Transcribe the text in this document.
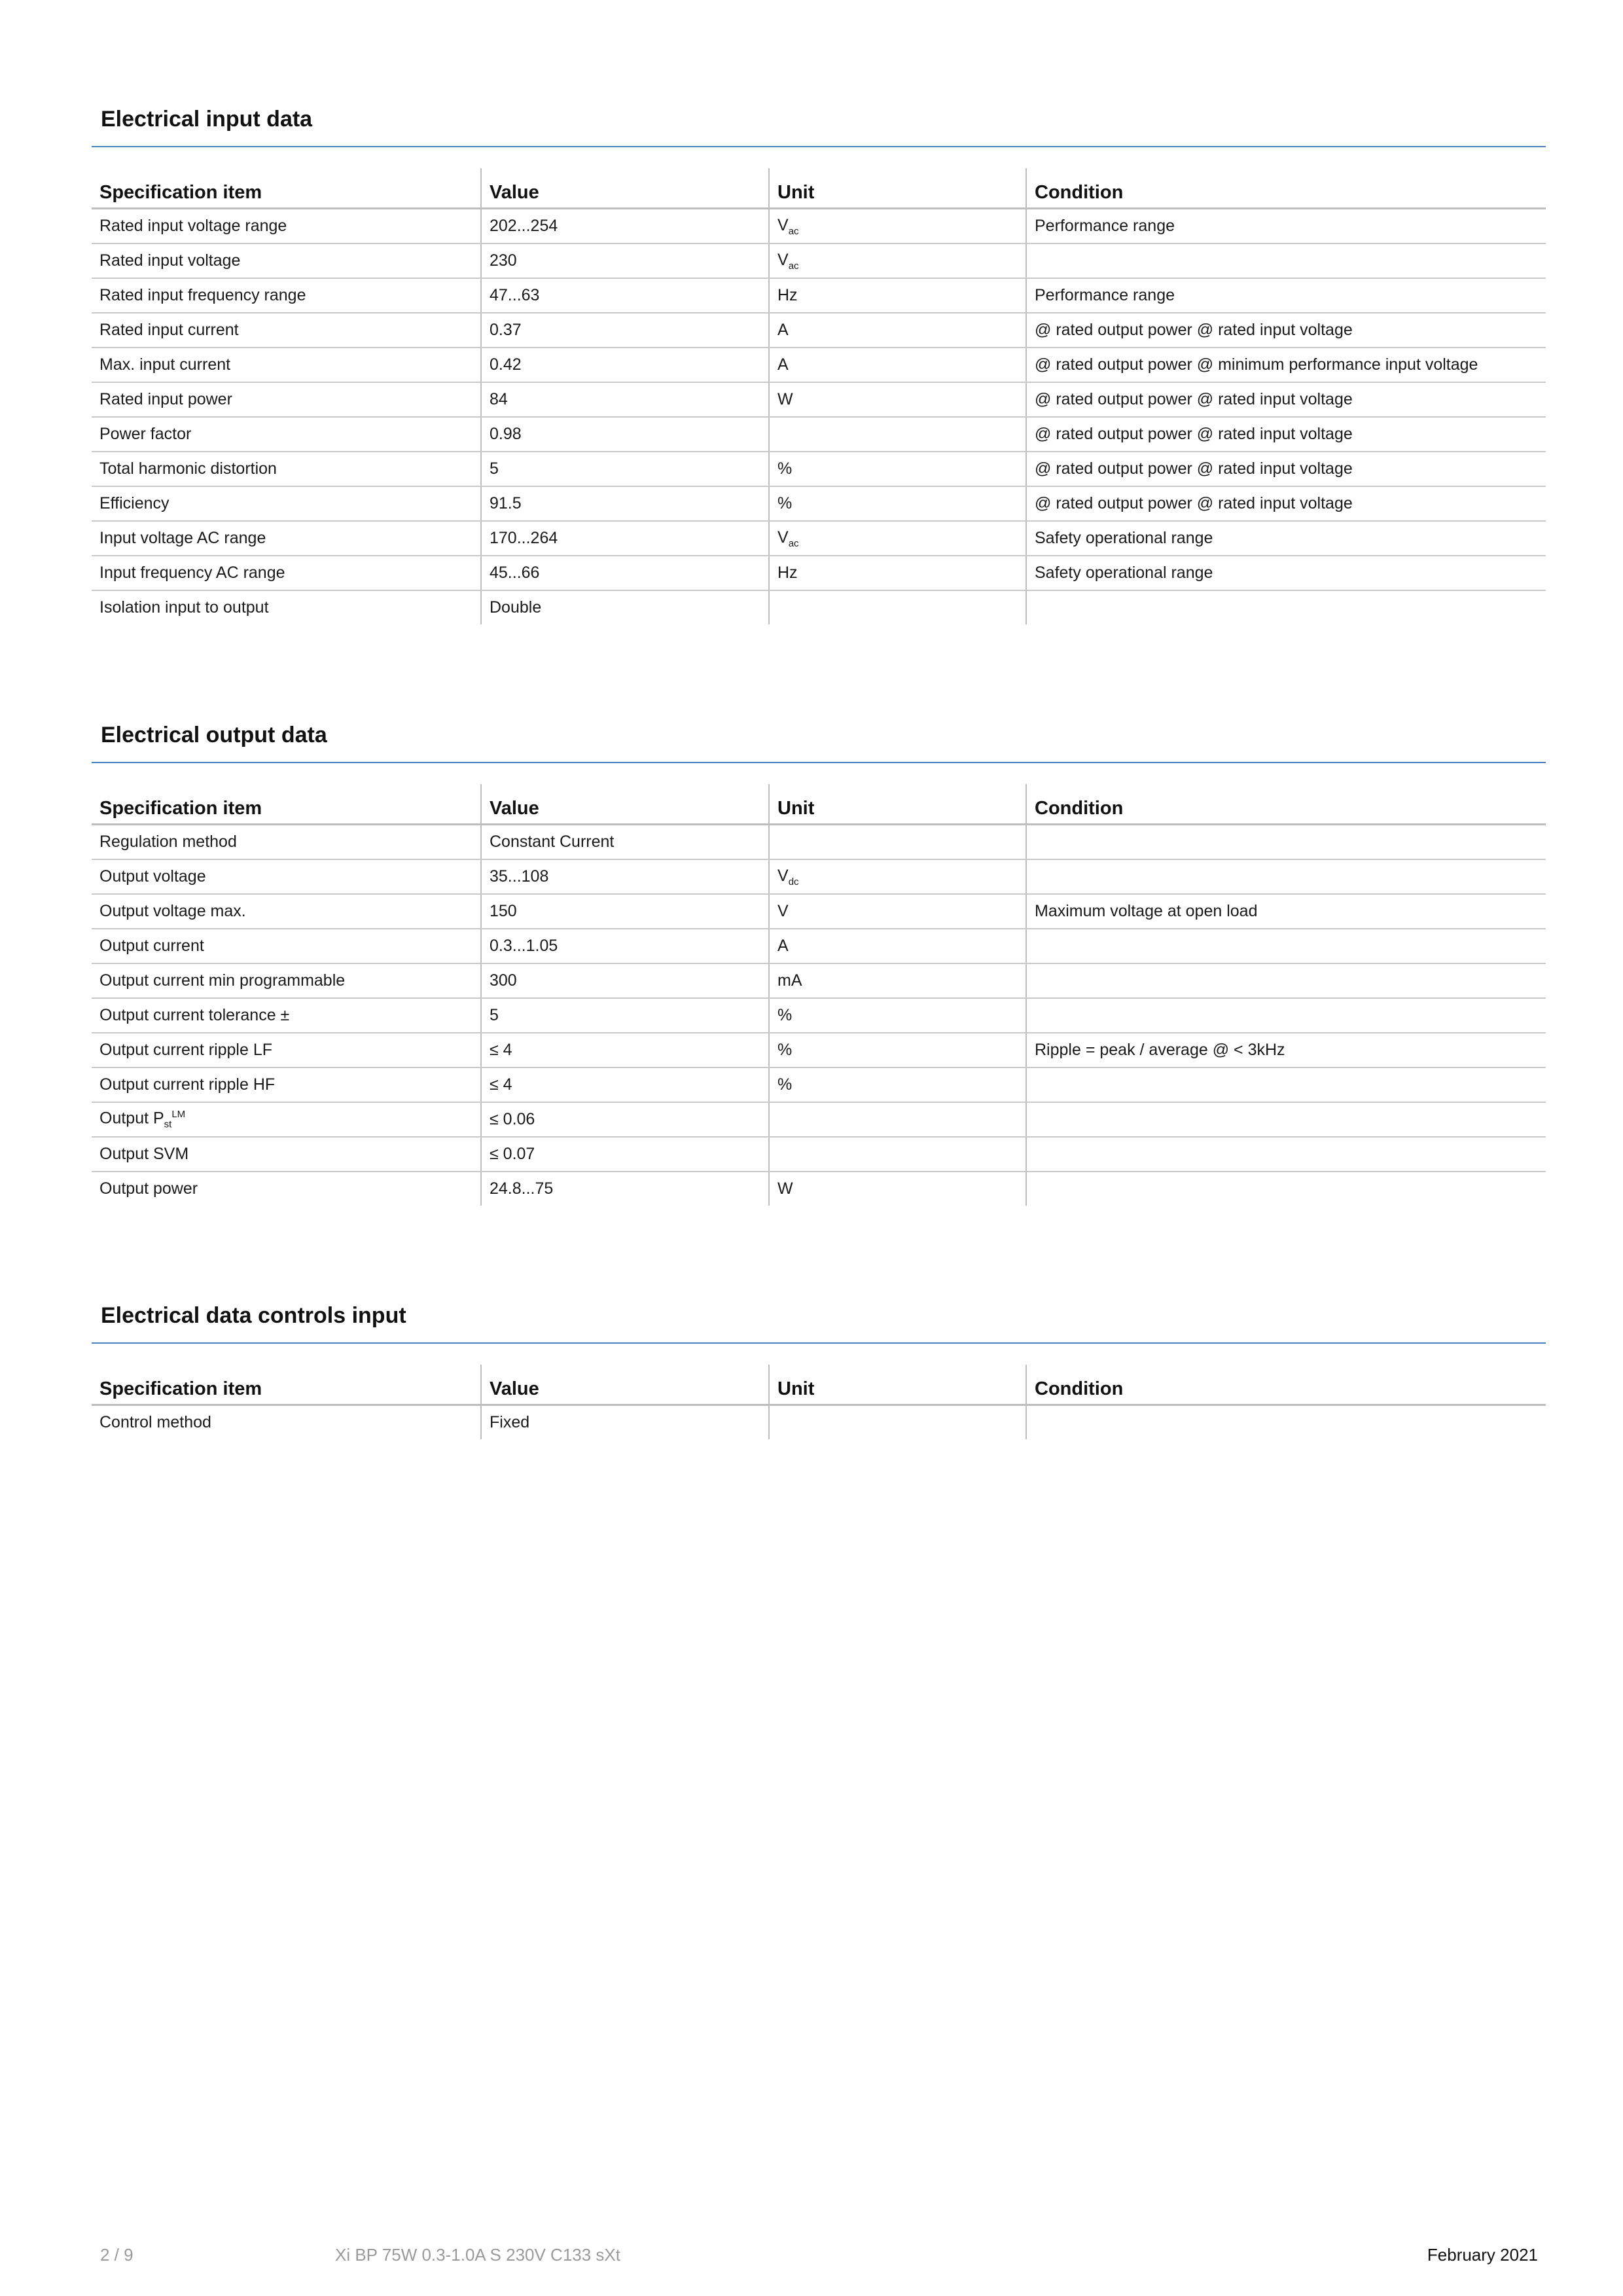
Electrical input data
Specification item	Value	Unit	Condition
Rated input voltage range	202...254	$V_{ac}$	Performance range
Rated input voltage	230	$V_{ac}$	
Rated input frequency range	47...63	Hz	Performance range
Rated input current	0.37	A	@ rated output power @ rated input voltage
Max. input current	0.42	A	@ rated output power @ minimum performance input voltage
Rated input power	84	W	@ rated output power @ rated input voltage
Power factor	0.98		@ rated output power @ rated input voltage
Total harmonic distortion	5	%	@ rated output power @ rated input voltage
Efficiency	91.5	%	@ rated output power @ rated input voltage
Input voltage AC range	170...264	$V_{ac}$	Safety operational range
Input frequency AC range	45...66	Hz	Safety operational range
Isolation input to output	Double		
Electrical output data
Specification item	Value	Unit	Condition
Regulation method	Constant Current		
Output voltage	35...108	$V_{dc}$	
Output voltage max.	150	V	Maximum voltage at open load
Output current	0.3...1.05	A	
Output current min programmable	300	mA	
Output current tolerance ±	5	%	
Output current ripple LF	≤ 4	%	Ripple = peak / average @ < 3kHz
Output current ripple HF	≤ 4	%	
Output $P_{st}^{LM}$	≤ 0.06		
Output SVM	≤ 0.07		
Output power	24.8...75	W	
Electrical data controls input
Specification item	Value	Unit	Condition
Control method	Fixed		
2 / 9	Xi BP 75W 0.3-1.0A S 230V C133 sXt	February 2021
